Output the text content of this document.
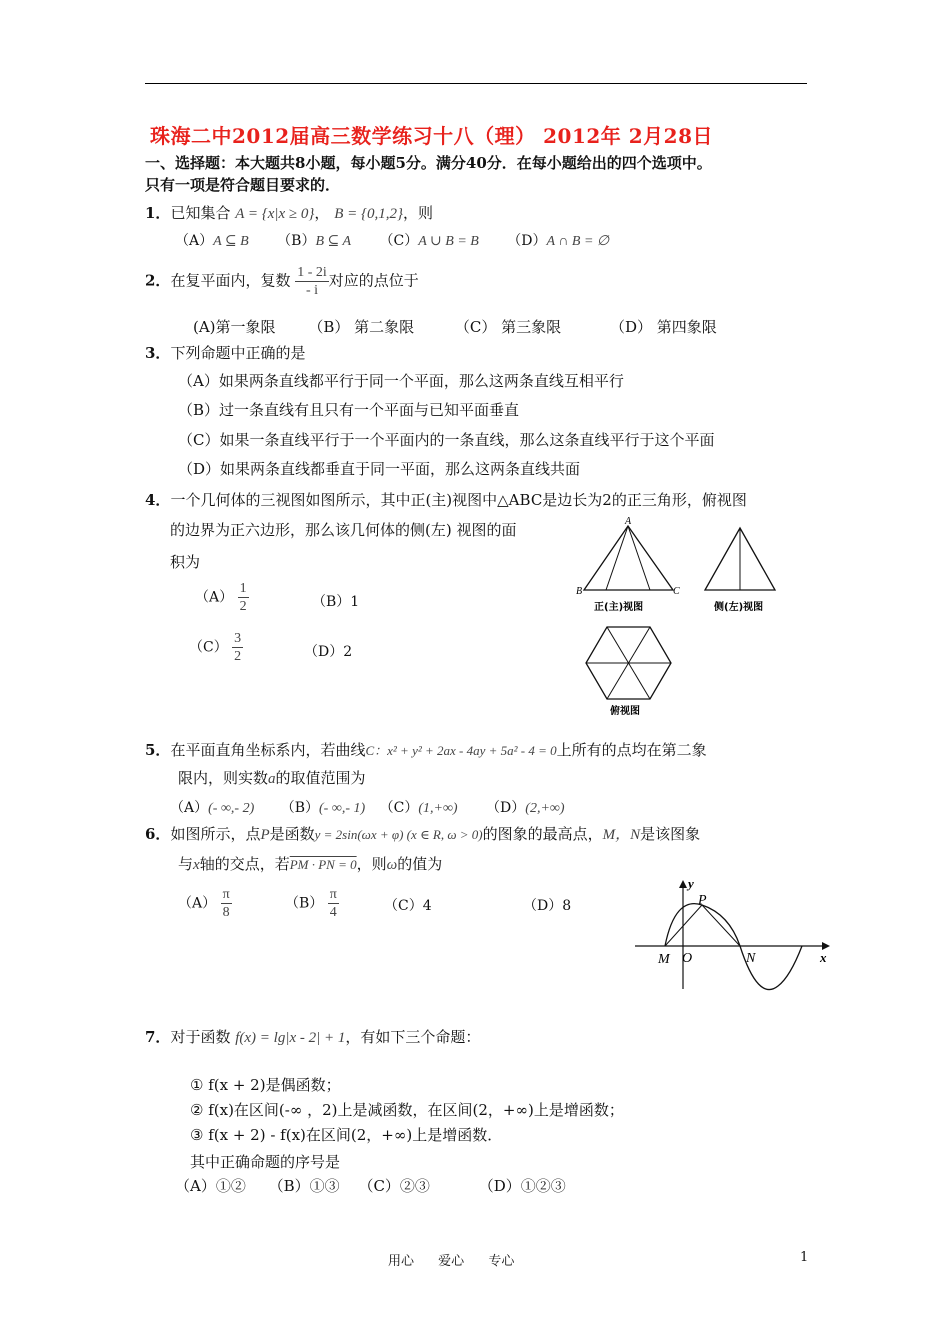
珠海二中2012届高三数学练习十八（理） 2012年 2月28日
一、选择题：本大题共8小题，每小题5分。满分40分．在每小题给出的四个选项中。
只有一项是符合题目要求的．
1．已知集合 A = {x|x ≥ 0}， B = {0,1,2}，则
（A）A ⊆ B （B）B ⊆ A （C）A ∪ B = B （D）A ∩ B = ∅
2．在复平面内，复数 $\frac{1 - 2i}{- i}$ 对应的点位于
(A)第一象限 （B） 第二象限	（C） 第三象限	（D） 第四象限
3．下列命题中正确的是
（A）如果两条直线都平行于同一个平面，那么这两条直线互相平行
（B）过一条直线有且只有一个平面与已知平面垂直
（C）如果一条直线平行于一个平面内的一条直线，那么这条直线平行于这个平面
（D）如果两条直线都垂直于同一平面，那么这两条直线共面
4．一个几何体的三视图如图所示，其中正(主)视图中△ABC是边长为2的正三角形，俯视图
的边界为正六边形，那么该几何体的侧(左) 视图的面
积为
$(A) \frac{1}{2}$	（B）1
$(C) \frac{3}{2}$	（D）2
A
B	C
正(主)视图	侧(左)视图
俯视图
5．在平面直角坐标系内，若曲线C：x² + y² + 2ax - 4ay + 5a² - 4 = 0上所有的点均在第二象
限内，则实数a的取值范围为
（A）(- ∞,- 2) （B）(- ∞,- 1) （C）(1,+∞) （D）(2,+∞)
6．如图所示，点P是函数y = 2sin(ωx + φ) (x ∈ R, ω > 0)的图象的最高点，M，N是该图象
与x轴的交点，若PM · PN = 0，则ω的值为
$(A) \frac{\pi}{8}$	$(B) \frac{\pi}{4}$	（C）4	（D）8
y
x
P
M O	N
7．对于函数 f(x) = lg|x - 2| + 1，有如下三个命题：
① f(x + 2)是偶函数；
② f(x)在区间(-∞ ，2)上是减函数，在区间(2，+∞)上是增函数；
③ f(x + 2) - f(x)在区间(2，+∞)上是增函数．
其中正确命题的序号是
（A）①② （B）①③ （C）②③	（D）①②③
用心 爱心 专心	1
